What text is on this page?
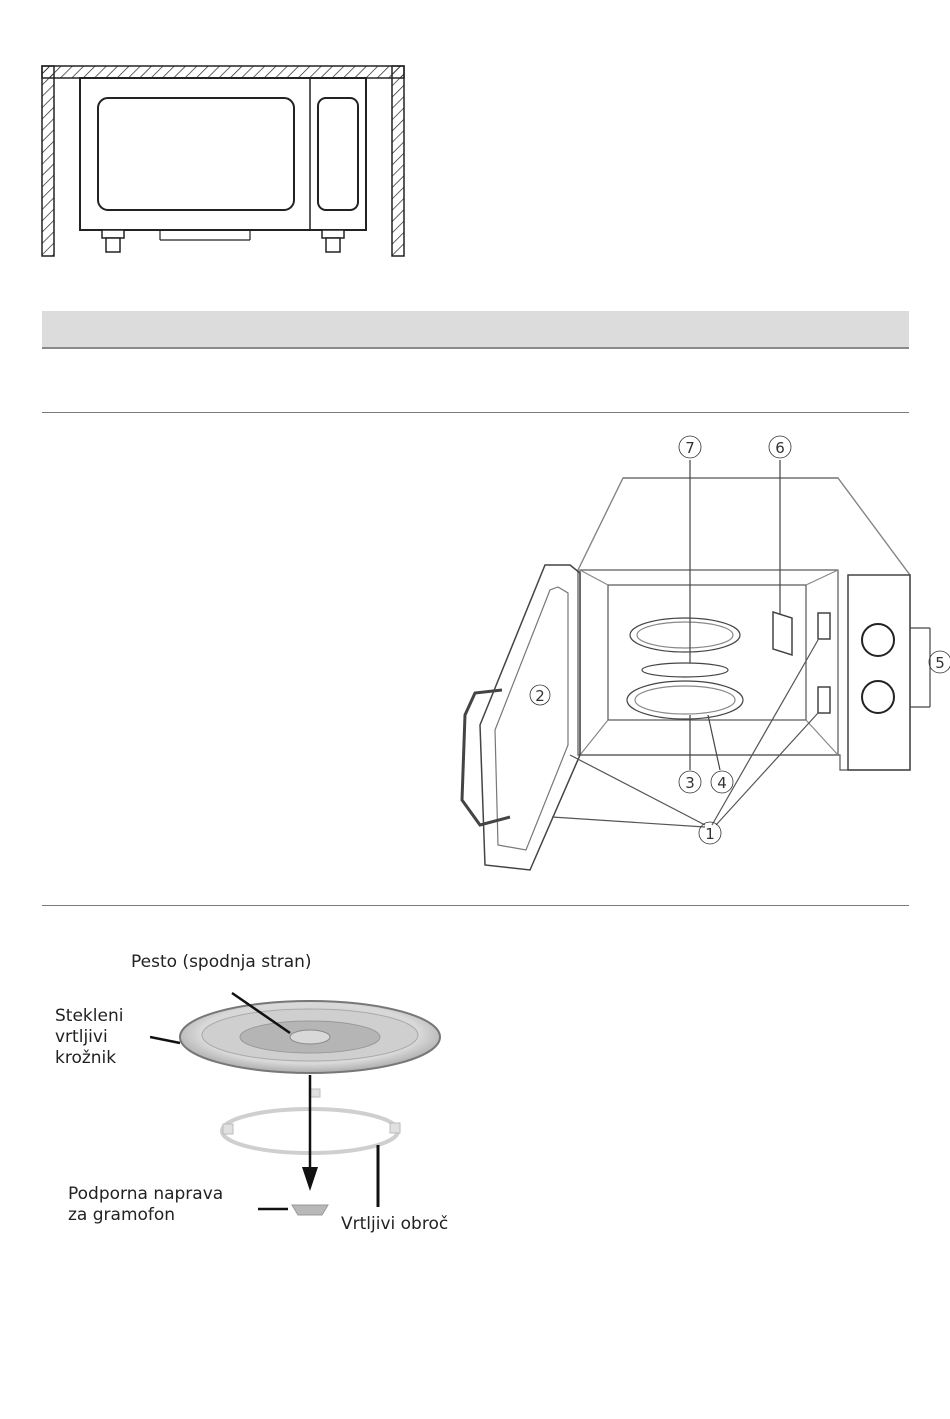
7	6
5
2
3 4
1
Pesto (spodnja stran)
Stekleni
vrtljivi
krožnik
Podporna naprava
za gramofon	Vrtljivi obroč
